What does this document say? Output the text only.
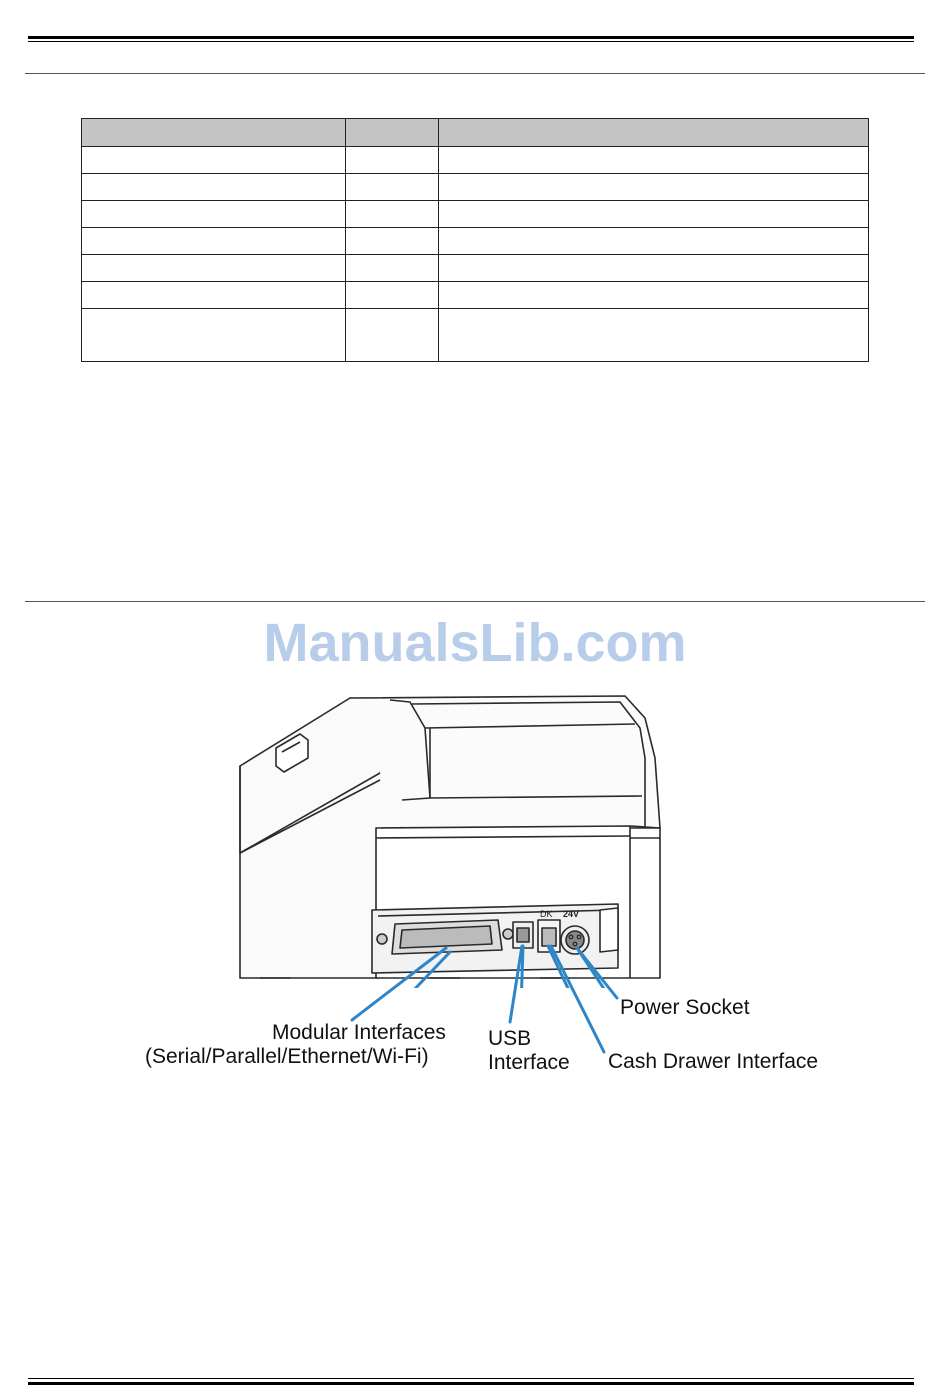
ManualsLib.com
DK 24V
Modular Interfaces
(Serial/Parallel/Ethernet/Wi-Fi)
USB
Interface Cash Drawer Interface
Power Socket
